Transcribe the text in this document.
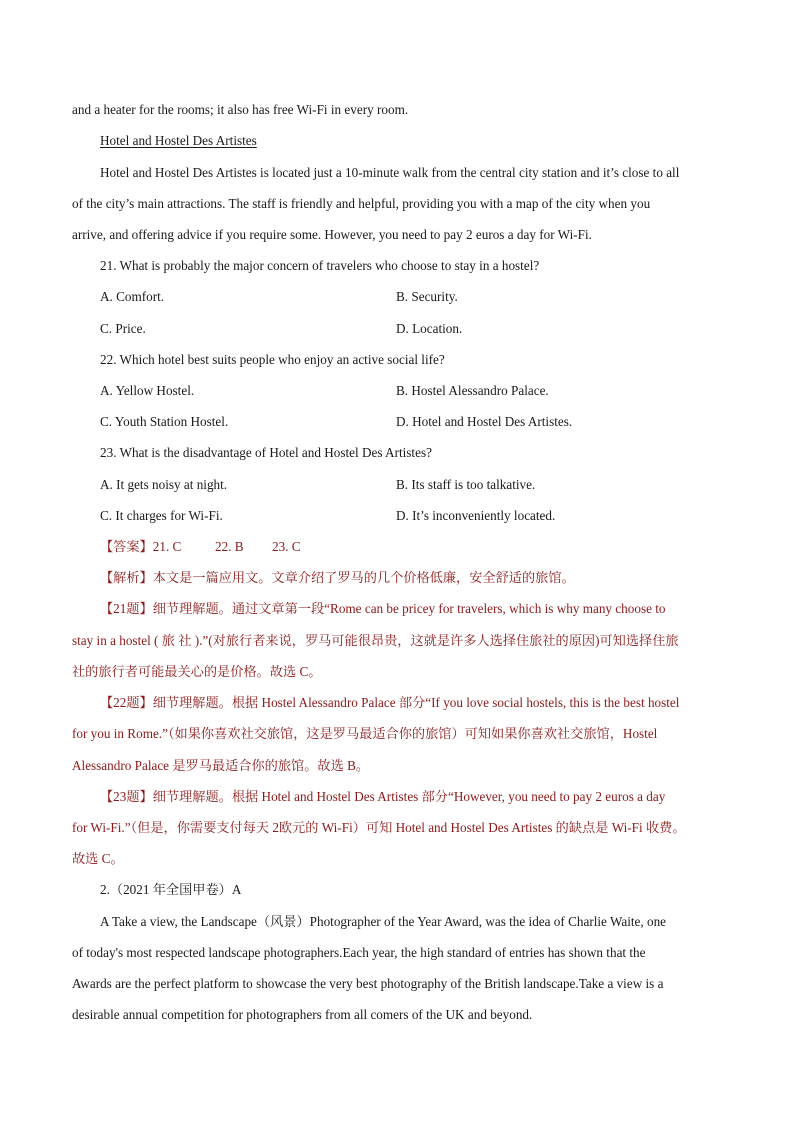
and a heater for the rooms; it also has free Wi-Fi in every room.
Hotel and Hostel Des Artistes
Hotel and Hostel Des Artistes is located just a 10-minute walk from the central city station and it’s close to all
of the city’s main attractions. The staff is friendly and helpful, providing you with a map of the city when you
arrive, and offering advice if you require some. However, you need to pay 2 euros a day for Wi-Fi.
21. What is probably the major concern of travelers who choose to stay in a hostel?
A. Comfort.	B. Security.
C. Price.	D. Location.
22. Which hotel best suits people who enjoy an active social life?
A. Yellow Hostel.	B. Hostel Alessandro Palace.
C. Youth Station Hostel.	D. Hotel and Hostel Des Artistes.
23. What is the disadvantage of Hotel and Hostel Des Artistes?
A. It gets noisy at night.	B. Its staff is too talkative.
C. It charges for Wi-Fi.	D. It’s inconveniently located.
【答案】21. C	22. B 23. C
【解析】本文是一篇应用文。文章介绍了罗马的几个价格低廉，安全舒适的旅馆。
【21题】细节理解题。通过文章第一段“Rome can be pricey for travelers, which is why many choose to
stay in a hostel ( 旅 社 ).”(对旅行者来说，罗马可能很昂贵，这就是许多人选择住旅社的原因)可知选择住旅
社的旅行者可能最关心的是价格。故选 C。
【22题】细节理解题。根据 Hostel Alessandro Palace 部分“If you love social hostels, this is the best hostel
for you in Rome.”（如果你喜欢社交旅馆，这是罗马最适合你的旅馆）可知如果你喜欢社交旅馆，Hostel
Alessandro Palace 是罗马最适合你的旅馆。故选 B。
【23题】细节理解题。根据 Hotel and Hostel Des Artistes 部分“However, you need to pay 2 euros a day
for Wi-Fi.”（但是，你需要支付每天 2欧元的 Wi-Fi）可知 Hotel and Hostel Des Artistes 的缺点是 Wi-Fi 收费。
故选 C。
2.（2021 年全国甲卷）A
A Take a view, the Landscape（风景）Photographer of the Year Award, was the idea of Charlie Waite, one
of today's most respected landscape photographers.Each year, the high standard of entries has shown that the
Awards are the perfect platform to showcase the very best photography of the British landscape.Take a view is a
desirable annual competition for photographers from all comers of the UK and beyond.
